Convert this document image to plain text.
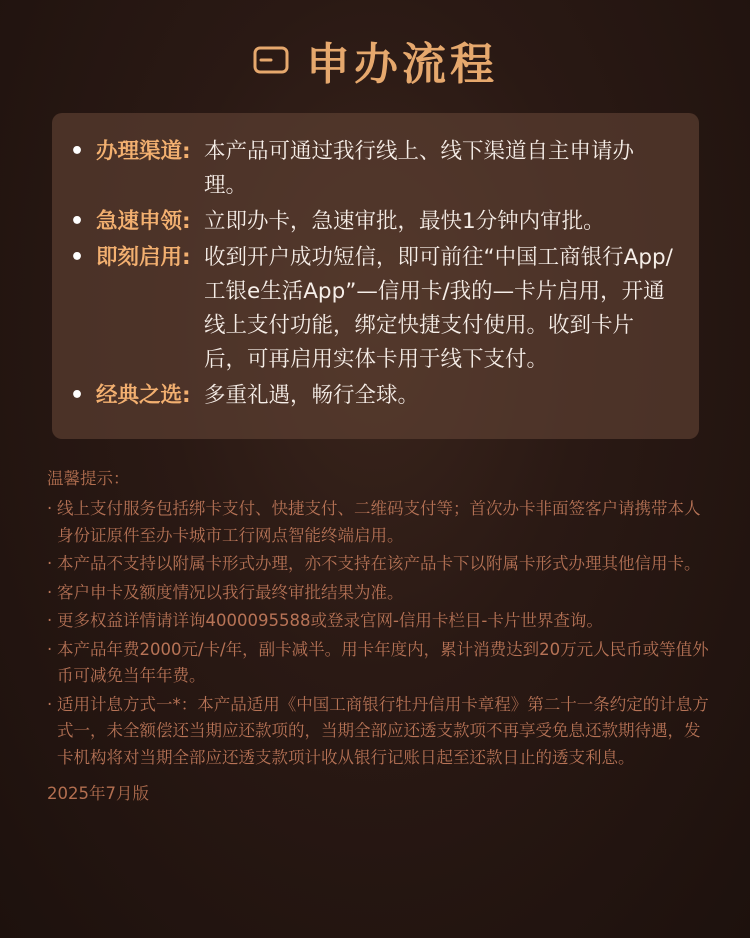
申办流程
• 办理渠道: 本产品可通过我行线上、线下渠道自主申请办理。
• 急速申领: 立即办卡，急速审批，最快1分钟内审批。
• 即刻启用: 收到开户成功短信，即可前往“中国工商银行App/工银e生活App”—信用卡/我的—卡片启用，开通线上支付功能，绑定快捷支付使用。收到卡片后，可再启用实体卡用于线下支付。
• 经典之选: 多重礼遇，畅行全球。
温馨提示：
· 线上支付服务包括绑卡支付、快捷支付、二维码支付等；首次办卡非面签客户请携带本人身份证原件至办卡城市工行网点智能终端启用。
· 本产品不支持以附属卡形式办理，亦不支持在该产品卡下以附属卡形式办理其他信用卡。
· 客户申卡及额度情况以我行最终审批结果为准。
· 更多权益详情请详询4000095588或登录官网-信用卡栏目-卡片世界查询。
· 本产品年费2000元/卡/年，副卡减半。用卡年度内，累计消费达到20万元人民币或等值外币可减免当年年费。
· 适用计息方式一*：本产品适用《中国工商银行牡丹信用卡章程》第二十一条约定的计息方式一，未全额偿还当期应还款项的，当期全部应还透支款项不再享受免息还款期待遇，发卡机构将对当期全部应还透支款项计收从银行记账日起至还款日止的透支利息。
2025年7月版
